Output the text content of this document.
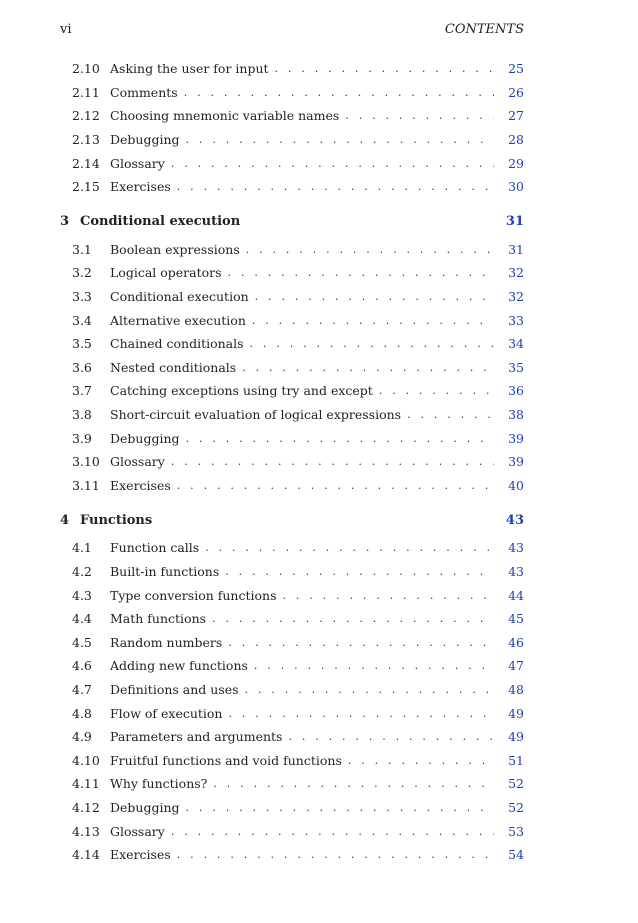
vi	CONTENTS
2.10 Asking the user for input . . .	25
2.11 Comments . . .	26
2.12 Choosing mnemonic variable names . . .	27
2.13 Debugging . . .	28
2.14 Glossary . . .	29
2.15 Exercises . . .	30
3 Conditional execution	31
3.1	Boolean expressions . . .	31
3.2	Logical operators . . .	32
3.3	Conditional execution . . .	32
3.4	Alternative execution . . .	33
3.5	Chained conditionals . . .	34
3.6	Nested conditionals . . .	35
3.7	Catching exceptions using try and except . . .	36
3.8	Short-circuit evaluation of logical expressions . . .	38
3.9	Debugging . . .	39
3.10 Glossary . . .	39
3.11 Exercises . . .	40
4 Functions	43
4.1	Function calls . . .	43
4.2	Built-in functions . . .	43
4.3	Type conversion functions . . .	44
4.4	Math functions . . .	45
4.5	Random numbers . . .	46
4.6	Adding new functions . . .	47
4.7	Definitions and uses . . .	48
4.8	Flow of execution . . .	49
4.9	Parameters and arguments . . .	49
4.10 Fruitful functions and void functions . . .	51
4.11 Why functions? . . .	52
4.12 Debugging . . .	52
4.13 Glossary . . .	53
4.14 Exercises . . .	54
